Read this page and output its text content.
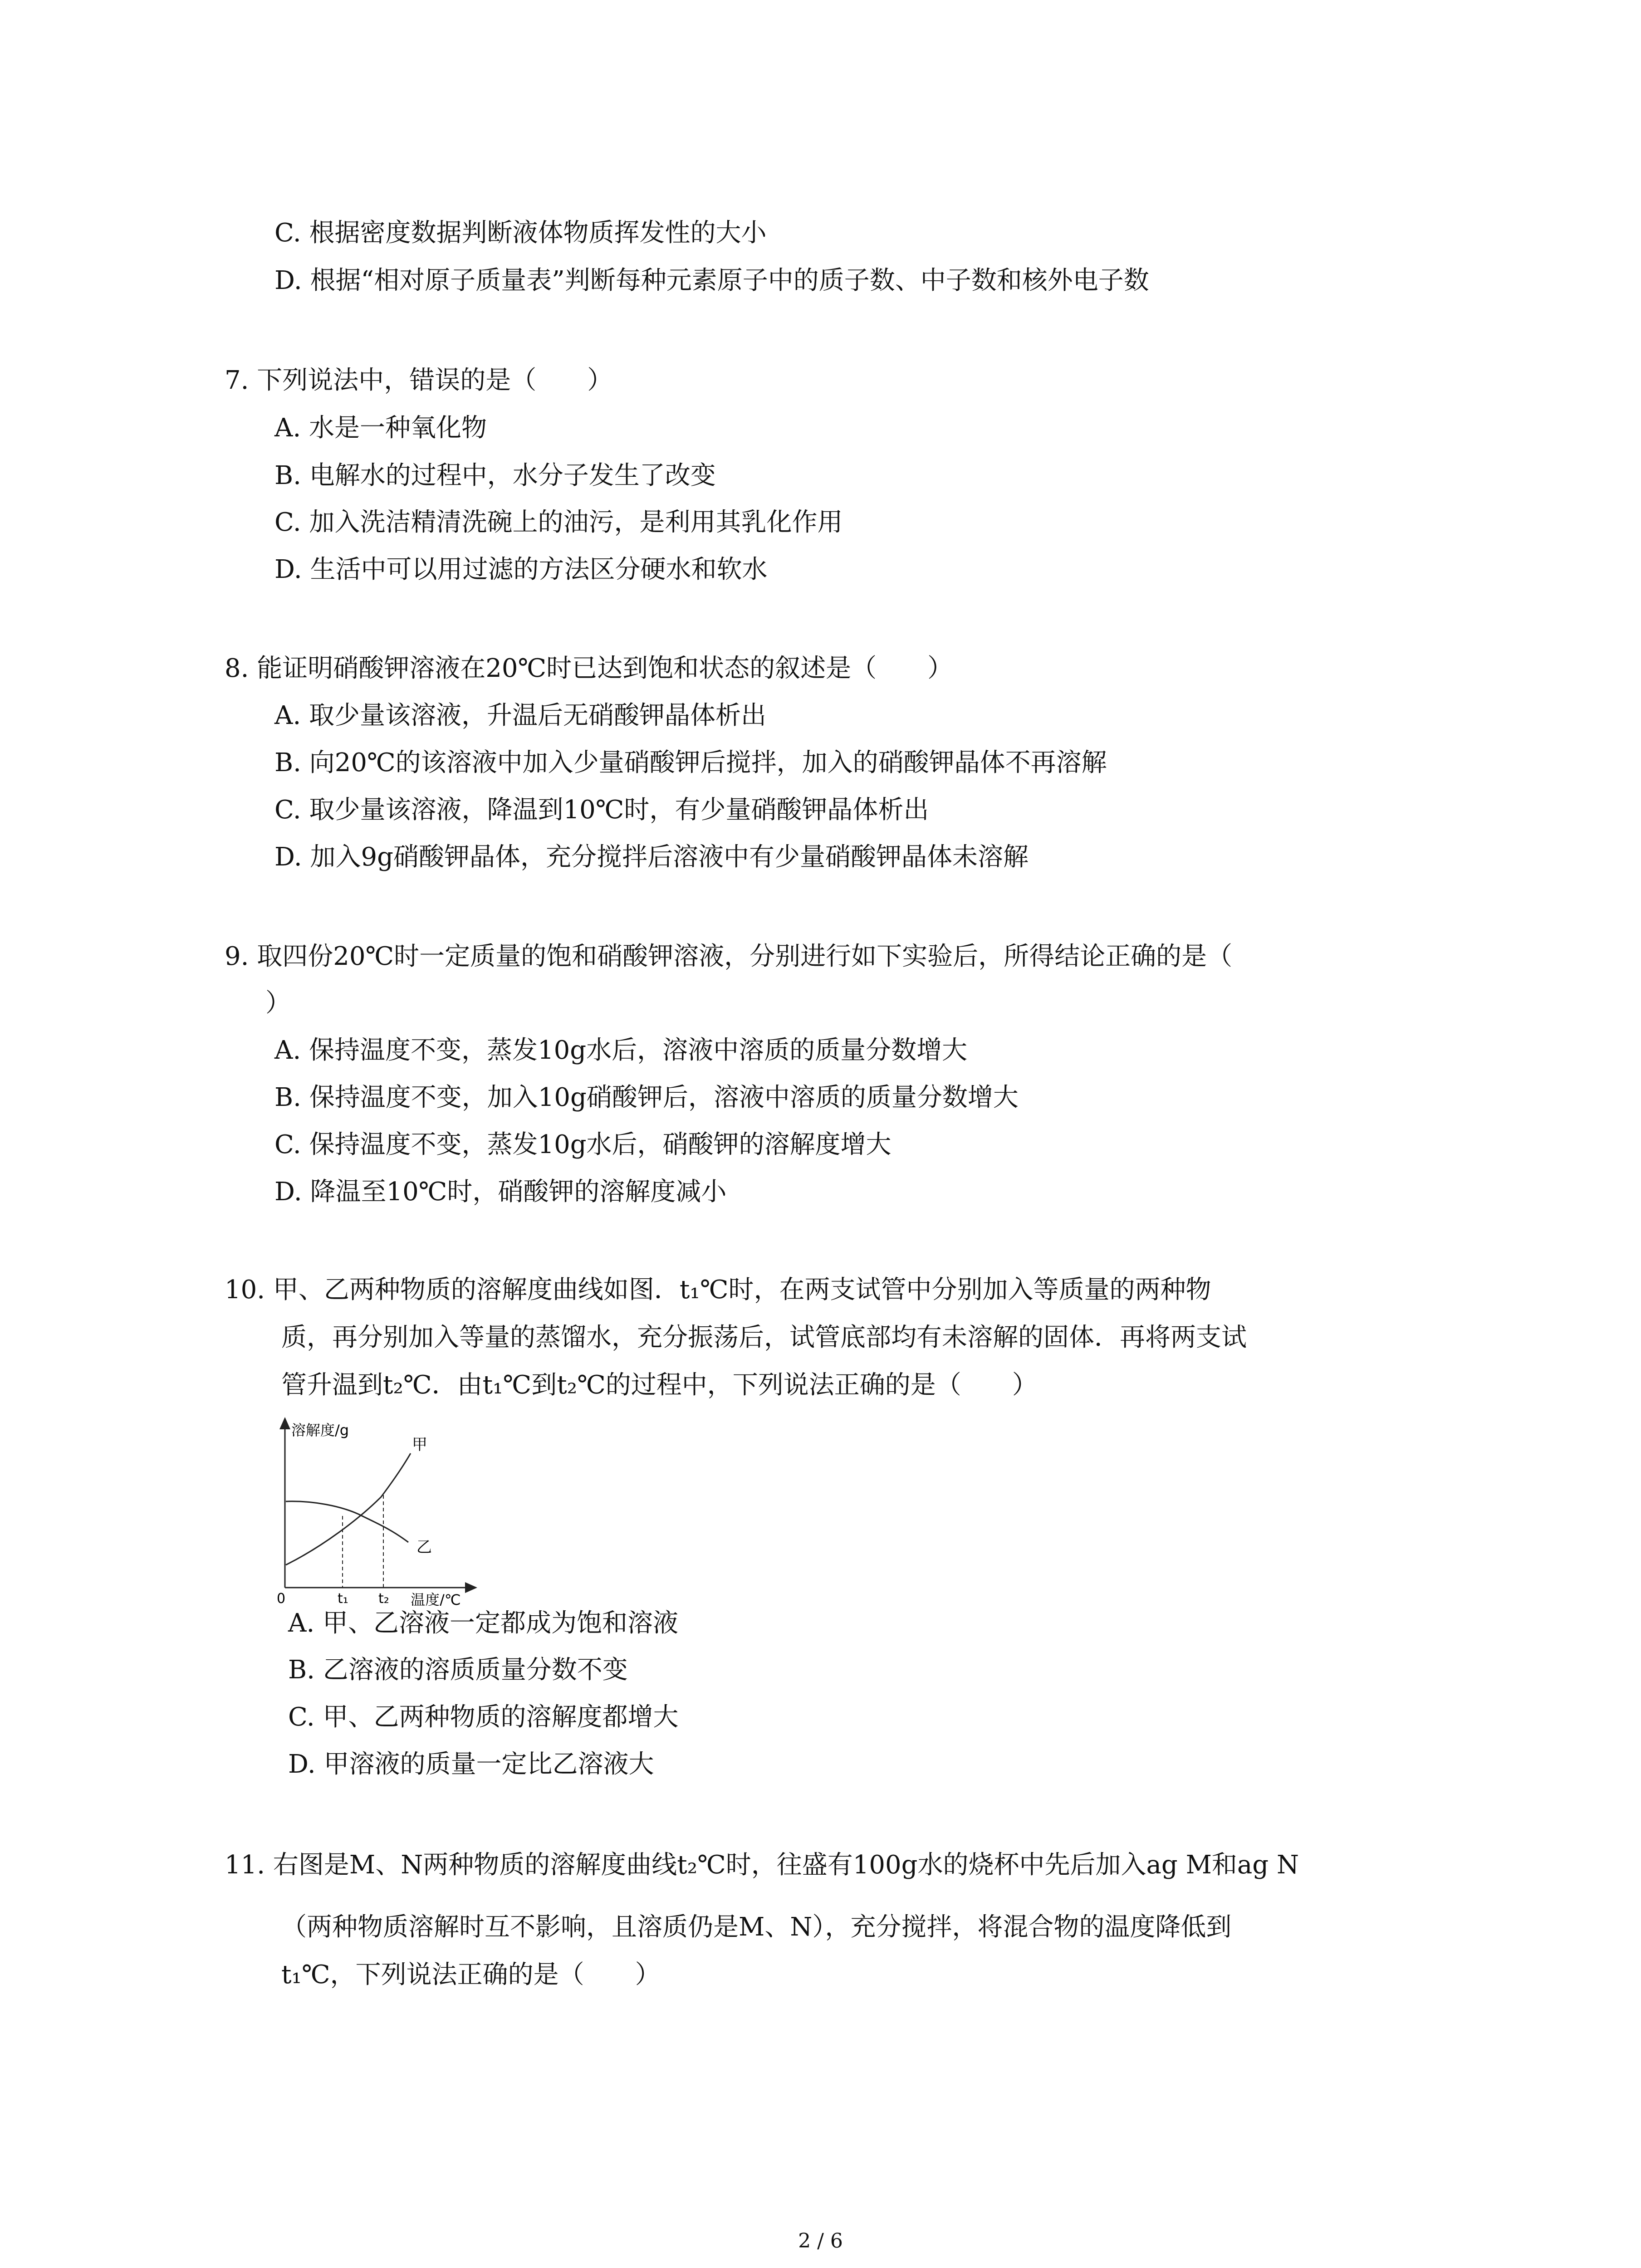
C. 根据密度数据判断液体物质挥发性的大小
D. 根据“相对原子质量表”判断每种元素原子中的质子数、中子数和核外电子数
7. 下列说法中，错误的是（　　）
A. 水是一种氧化物
B. 电解水的过程中，水分子发生了改变
C. 加入洗洁精清洗碗上的油污，是利用其乳化作用
D. 生活中可以用过滤的方法区分硬水和软水
8. 能证明硝酸钾溶液在20℃时已达到饱和状态的叙述是（　　）
A. 取少量该溶液，升温后无硝酸钾晶体析出
B. 向20℃的该溶液中加入少量硝酸钾后搅拌，加入的硝酸钾晶体不再溶解
C. 取少量该溶液，降温到10℃时，有少量硝酸钾晶体析出
D. 加入9g硝酸钾晶体，充分搅拌后溶液中有少量硝酸钾晶体未溶解
9. 取四份20℃时一定质量的饱和硝酸钾溶液，分别进行如下实验后，所得结论正确的是（
）
A. 保持温度不变，蒸发10g水后，溶液中溶质的质量分数增大
B. 保持温度不变，加入10g硝酸钾后，溶液中溶质的质量分数增大
C. 保持温度不变，蒸发10g水后，硝酸钾的溶解度增大
D. 降温至10℃时，硝酸钾的溶解度减小
10. 甲、乙两种物质的溶解度曲线如图．t₁℃时，在两支试管中分别加入等质量的两种物
质，再分别加入等量的蒸馏水，充分振荡后，试管底部均有未溶解的固体．再将两支试
管升温到t₂℃．由t₁℃到t₂℃的过程中，下列说法正确的是（　　）
溶解度/g
甲
乙
0	t₁ t₂ 温度/℃
A. 甲、乙溶液一定都成为饱和溶液
B. 乙溶液的溶质质量分数不变
C. 甲、乙两种物质的溶解度都增大
D. 甲溶液的质量一定比乙溶液大
11. 右图是M、N两种物质的溶解度曲线t₂℃时，往盛有100g水的烧杯中先后加入ag M和ag N
（两种物质溶解时互不影响，且溶质仍是M、N），充分搅拌，将混合物的温度降低到
t₁℃，下列说法正确的是（　　）
2 / 6
